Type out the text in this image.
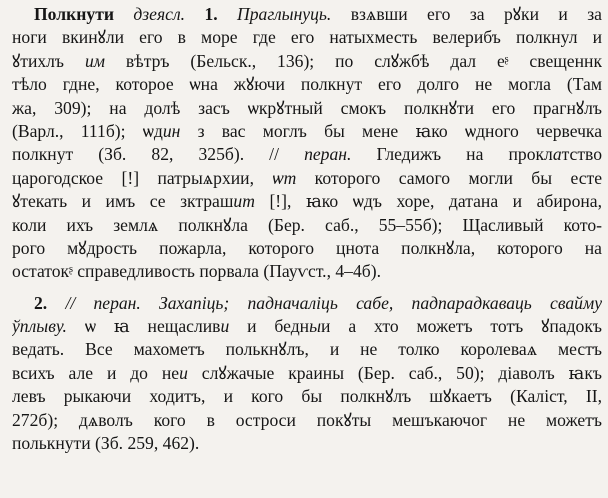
Полкнути дзеясл. 1. Праглынуць. взѧвши его за рꙋки и за
ноги вкинꙋли его в море где его натыхместь велерибъ полкнул и
ꙋтихлъ им вѣтръ (Бельск., 136); по слꙋжбѣ дал еᶳ свещеннк
тѣло гдне, которое ѡна жꙋючи полкнут его долго не могла (Там
жа, 309); на долѣ засъ ѡкрꙋтный смокъ полкнꙋти его прагнꙋлъ
(Варл., 111б); ѡдин з вас моглъ бы мене ꙗко ѡдного червечка
полкнут (Зб. 82, 325б). // перан. Гледижъ на проклатство
царогодское [!] патрыѧрхии, ѡт которого самого могли бы есте
ꙋтекать и имъ се зктрашит [!], ꙗко ѡдъ хоре, датана и абирона,
коли ихъ землѧ полкнꙋла (Бер. саб., 55–55б); Щасливый кото-
рого мꙋдрость пожарла, которого цнота полкнꙋла, которого на
остатокᶳ справедливость порвала (Пауѵст., 4–4б).
2. // перан. Захапіць; падначаліць сабе, падпарадкаваць свайму
ўплыву. ѡ ꙗ нещасливи и бедныи а хто можетъ тотъ ꙋпадокъ
ведать. Все махометъ полькнꙋлъ, и не толко королеваѧ местъ
всихъ але и до неи слꙋжачые краины (Бер. саб., 50); діаволъ ꙗкъ
левъ рыкаючи ходитъ, и кого бы полкнꙋлъ шꙋкаетъ (Каліст, II,
272б); дѧволъ кого в остроси покꙋты мешъкаючог не можетъ
полькнути (Зб. 259, 462).
